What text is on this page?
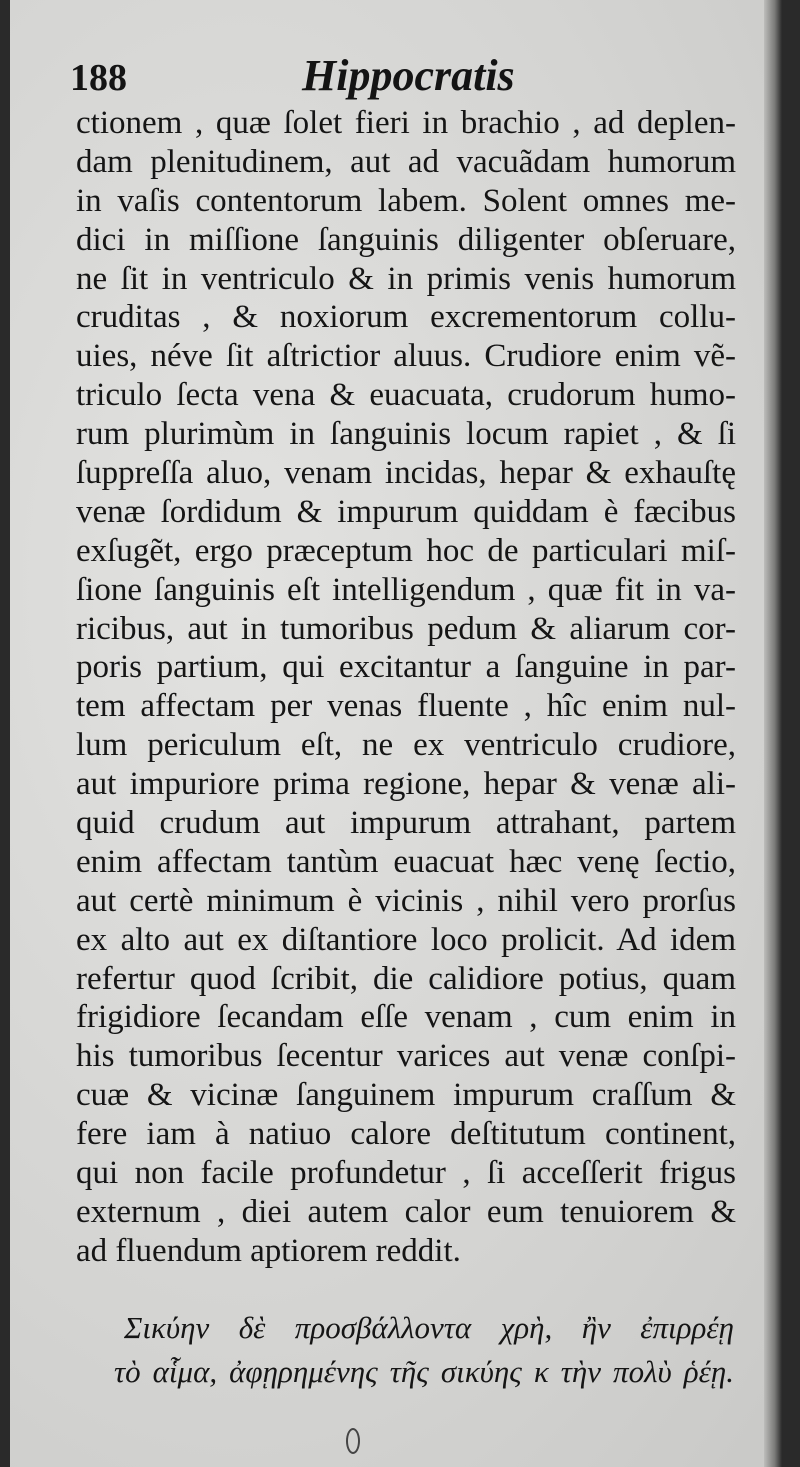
188	Hippocratis
ctionem , quæ ſolet fieri in brachio , ad deplen-
dam plenitudinem, aut ad vacuãdam humorum
in vaſis contentorum labem. Solent omnes me-
dici in miſſione ſanguinis diligenter obſeruare,
ne ſit in ventriculo & in primis venis humorum
cruditas , & noxiorum excrementorum collu-
uies, néve ſit aſtrictior aluus. Crudiore enim vẽ-
triculo ſecta vena & euacuata, crudorum humo-
rum plurimùm in ſanguinis locum rapiet , & ſi
ſuppreſſa aluo, venam incidas, hepar & exhauſtę
venæ ſordidum & impurum quiddam è fæcibus
exſugẽt, ergo præceptum hoc de particulari miſ-
ſione ſanguinis eſt intelligendum , quæ fit in va-
ricibus, aut in tumoribus pedum & aliarum cor-
poris partium, qui excitantur a ſanguine in par-
tem affectam per venas fluente , hîc enim nul-
lum periculum eſt, ne ex ventriculo crudiore,
aut impuriore prima regione, hepar & venæ ali-
quid crudum aut impurum attrahant, partem
enim affectam tantùm euacuat hæc venę ſectio,
aut certè minimum è vicinis , nihil vero prorſus
ex alto aut ex diſtantiore loco prolicit. Ad idem
refertur quod ſcribit, die calidiore potius, quam
frigidiore ſecandam eſſe venam , cum enim in
his tumoribus ſecentur varices aut venæ conſpi-
cuæ & vicinæ ſanguinem impurum craſſum &
fere iam à natiuo calore deſtitutum continent,
qui non facile profundetur , ſi acceſſerit frigus
externum , diei autem calor eum tenuiorem &
ad fluendum aptiorem reddit.
Σικύην δὲ προσβάλλοντα χρὴ, ἢν ἐπιρρέῃ
τὸ αἷμα, ἀφῃρημένης τῆς σικύης κ τὴν πολὺ ῥέῃ.
